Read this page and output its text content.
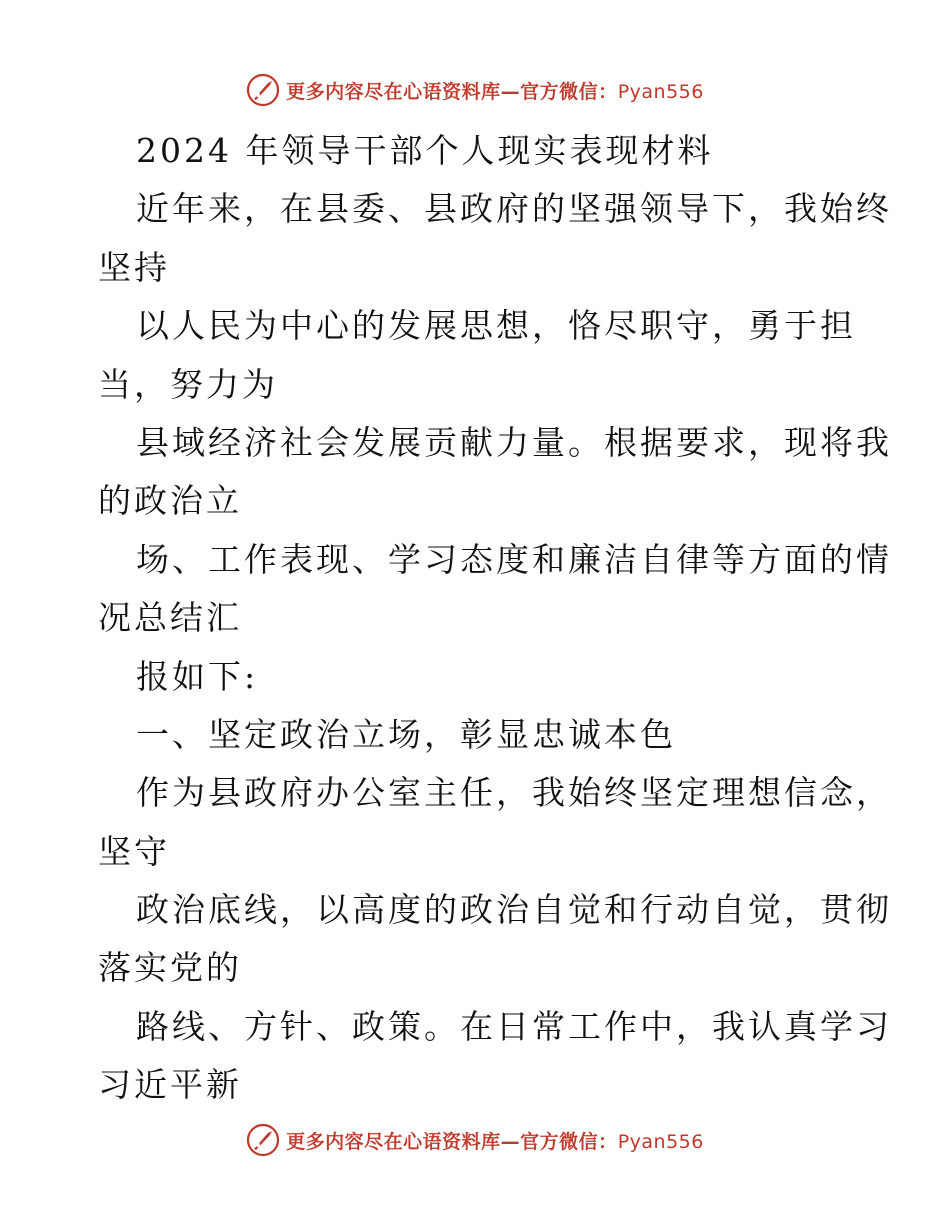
更多内容尽在心语资料库—官方微信：Pyan556
2024 年领导干部个人现实表现材料
近年来，在县委、县政府的坚强领导下，我始终
坚持
以人民为中心的发展思想，恪尽职守，勇于担
当，努力为
县域经济社会发展贡献力量。根据要求，现将我
的政治立
场、工作表现、学习态度和廉洁自律等方面的情
况总结汇
报如下:
一、坚定政治立场，彰显忠诚本色
作为县政府办公室主任，我始终坚定理想信念，
坚守
政治底线，以高度的政治自觉和行动自觉，贯彻
落实党的
路线、方针、政策。在日常工作中，我认真学习
习近平新
更多内容尽在心语资料库—官方微信：Pyan556
